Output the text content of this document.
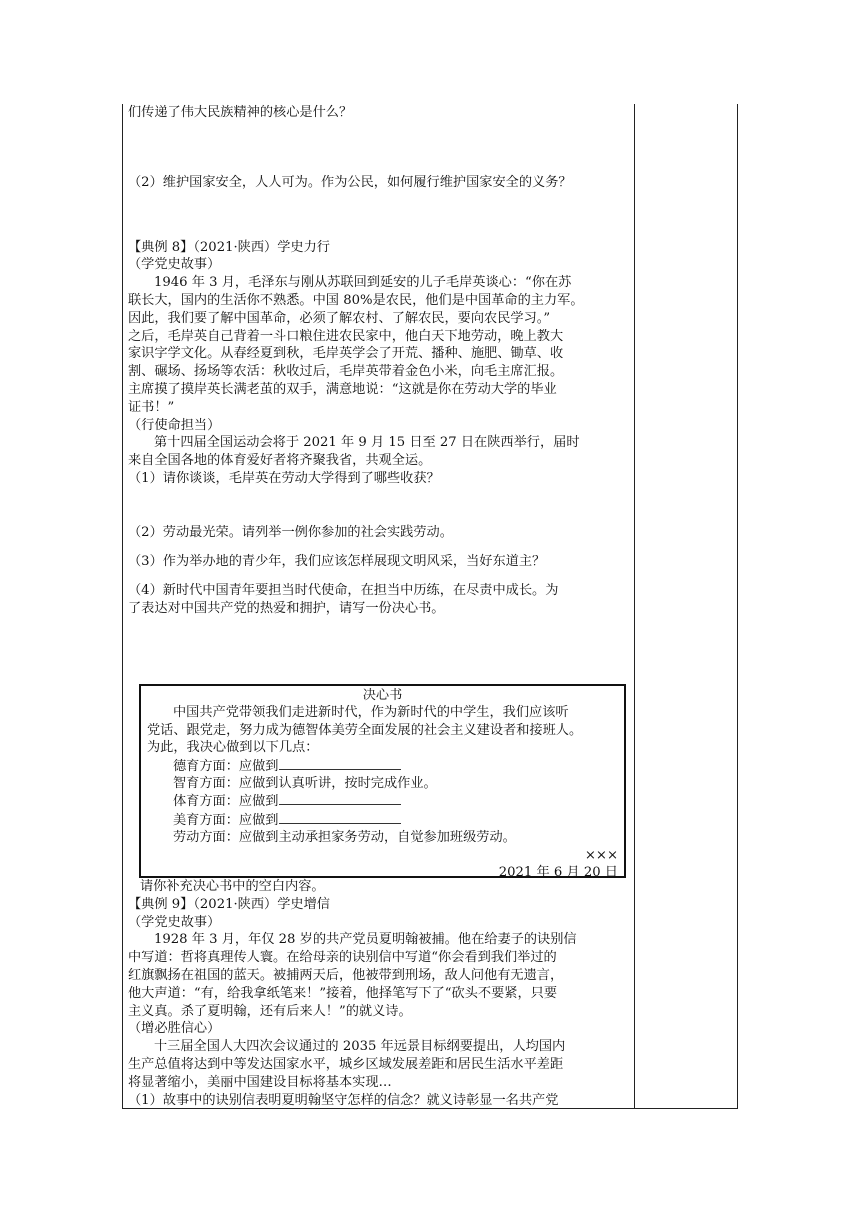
们传递了伟大民族精神的核心是什么？
（2）维护国家安全，人人可为。作为公民，如何履行维护国家安全的义务？
【典例 8】（2021·陕西）学史力行
（学党史故事）
1946 年 3 月，毛泽东与刚从苏联回到延安的儿子毛岸英谈心：“你在苏
联长大，国内的生活你不熟悉。中国 80%是农民，他们是中国革命的主力军。
因此，我们要了解中国革命，必须了解农村、了解农民，要向农民学习。”
之后，毛岸英自己背着一斗口粮住进农民家中，他白天下地劳动，晚上教大
家识字学文化。从春经夏到秋，毛岸英学会了开荒、播种、施肥、锄草、收
割、碾场、扬场等农活：秋收过后，毛岸英带着金色小米，向毛主席汇报。
主席摸了摸岸英长满老茧的双手，满意地说：“这就是你在劳动大学的毕业
证书！”
（行使命担当）
第十四届全国运动会将于 2021 年 9 月 15 日至 27 日在陕西举行，届时
来自全国各地的体育爱好者将齐聚我省，共观全运。
（1）请你谈谈，毛岸英在劳动大学得到了哪些收获？
（2）劳动最光荣。请列举一例你参加的社会实践劳动。
（3）作为举办地的青少年，我们应该怎样展现文明风采，当好东道主？
（4）新时代中国青年要担当时代使命，在担当中历练，在尽责中成长。为
了表达对中国共产党的热爱和拥护，请写一份决心书。
决心书
中国共产党带领我们走进新时代，作为新时代的中学生，我们应该听
党话、跟党走，努力成为德智体美劳全面发展的社会主义建设者和接班人。
为此，我决心做到以下几点：
德育方面：应做到
智育方面：应做到认真听讲，按时完成作业。
体育方面：应做到
美育方面：应做到
劳动方面：应做到主动承担家务劳动，自觉参加班级劳动。
×××
2021 年 6 月 20 日
请你补充决心书中的空白内容。
【典例 9】（2021·陕西）学史增信
（学党史故事）
1928 年 3 月，年仅 28 岁的共产党员夏明翰被捕。他在给妻子的诀别信
中写道：哲将真理传人寰。在给母亲的诀别信中写道“你会看到我们举过的
红旗飘扬在祖国的蓝天。被捕两天后，他被带到刑场，敌人问他有无遗言，
他大声道：“有，给我拿纸笔来！”接着，他择笔写下了“砍头不要紧，只要
主义真。杀了夏明翰，还有后来人！”的就义诗。
（增必胜信心）
十三届全国人大四次会议通过的 2035 年远景目标纲要提出，人均国内
生产总值将达到中等发达国家水平，城乡区域发展差距和居民生活水平差距
将显著缩小，美丽中国建设目标将基本实现…
（1）故事中的诀别信表明夏明翰坚守怎样的信念？就义诗彰显一名共产党
